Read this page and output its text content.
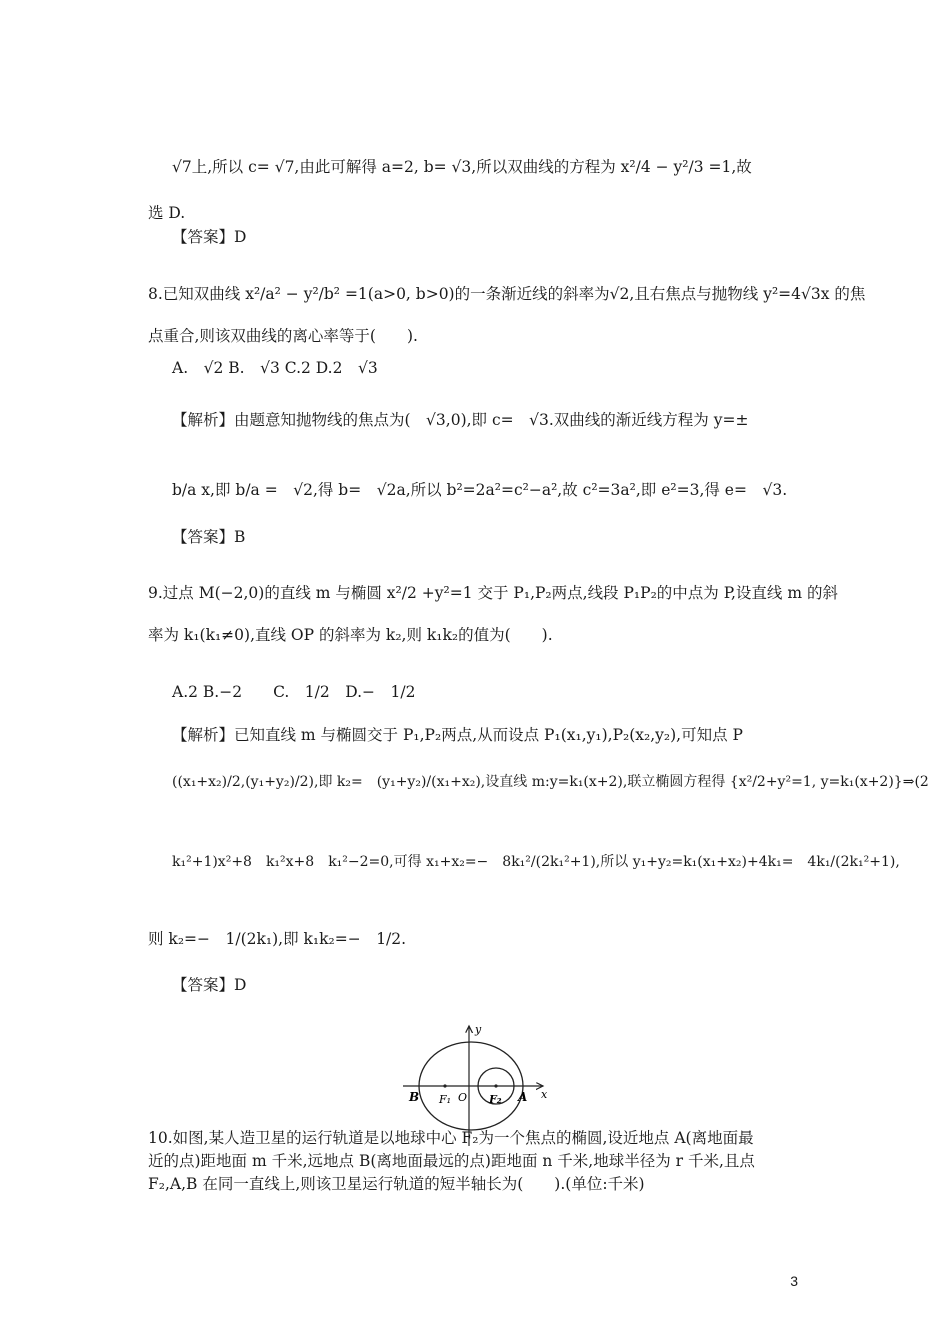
√7上,所以 c= √7,由此可解得 a=2, b= √3,所以双曲线的方程为 x²/4 − y²/3 =1,故
选 D.
【答案】D
8.已知双曲线 x²/a² − y²/b² =1(a>0, b>0)的一条渐近线的斜率为√2,且右焦点与抛物线 y²=4√3x 的焦
点重合,则该双曲线的离心率等于(　　).
A.　√2 B.　√3 C.2 D.2　√3
【解析】由题意知抛物线的焦点为(　√3,0),即 c=　√3.双曲线的渐近线方程为 y=±
b/a x,即 b/a =　√2,得 b=　√2a,所以 b²=2a²=c²−a²,故 c²=3a²,即 e²=3,得 e=　√3.
【答案】B
9.过点 M(−2,0)的直线 m 与椭圆 x²/2 +y²=1 交于 P₁,P₂两点,线段 P₁P₂的中点为 P,设直线 m 的斜
率为 k₁(k₁≠0),直线 OP 的斜率为 k₂,则 k₁k₂的值为(　　).
A.2 B.−2　　C.　1/2　D.−　1/2
【解析】已知直线 m 与椭圆交于 P₁,P₂两点,从而设点 P₁(x₁,y₁),P₂(x₂,y₂),可知点 P
((x₁+x₂)/2,(y₁+y₂)/2),即 k₂=　(y₁+y₂)/(x₁+x₂),设直线 m:y=k₁(x+2),联立椭圆方程得 {x²/2+y²=1, y=k₁(x+2)}⇒(2
k₁²+1)x²+8　k₁²x+8　k₁²−2=0,可得 x₁+x₂=−　8k₁²/(2k₁²+1),所以 y₁+y₂=k₁(x₁+x₂)+4k₁=　4k₁/(2k₁²+1),
则 k₂=−　1/(2k₁),即 k₁k₂=−　1/2.
【答案】D
y
B F₁ O F₂ A x
10.如图,某人造卫星的运行轨道是以地球中心 F₂为一个焦点的椭圆,设近地点 A(离地面最
近的点)距地面 m 千米,远地点 B(离地面最远的点)距地面 n 千米,地球半径为 r 千米,且点
F₂,A,B 在同一直线上,则该卫星运行轨道的短半轴长为(　　).(单位:千米)
3
